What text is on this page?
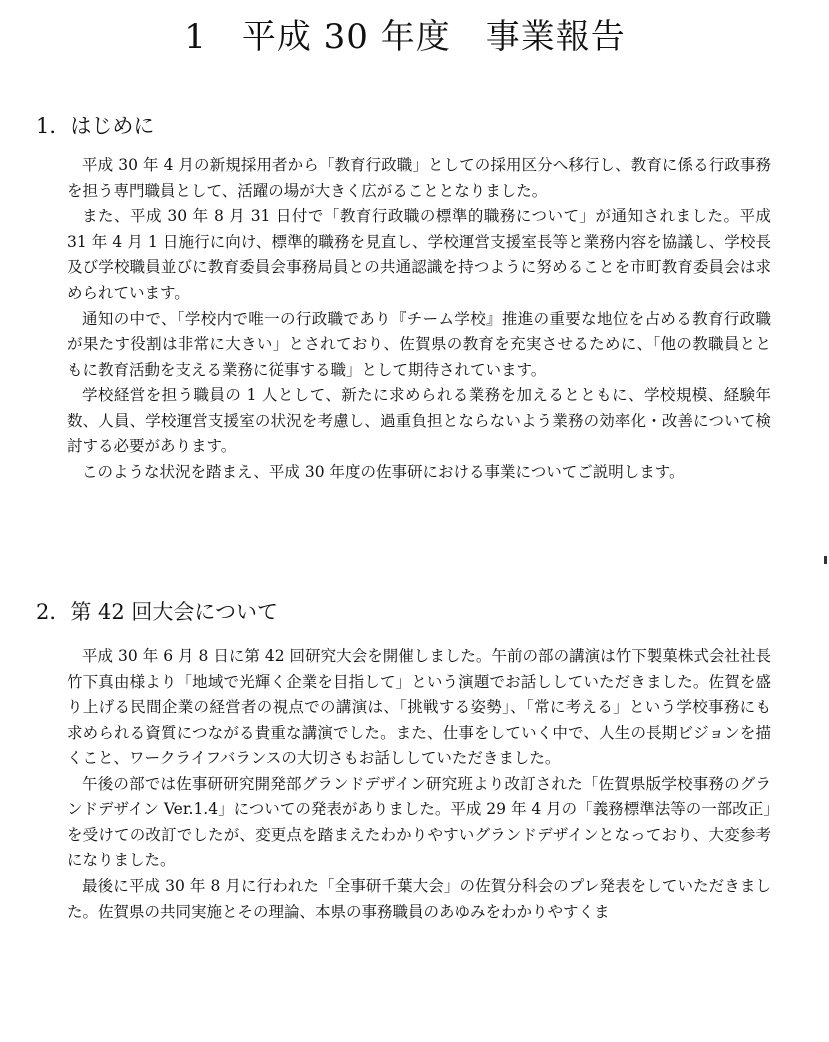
1　平成 30 年度　事業報告
1．はじめに

平成 30 年 4 月の新規採用者から「教育行政職」としての採用区分へ移行し、教育に係る行政事務を担う専門職員として、活躍の場が大きく広がることとなりました。

また、平成 30 年 8 月 31 日付で「教育行政職の標準的職務について」が通知されました。平成 31 年 4 月 1 日施行に向け、標準的職務を見直し、学校運営支援室長等と業務内容を協議し、学校長及び学校職員並びに教育委員会事務局員との共通認識を持つように努めることを市町教育委員会は求められています。

通知の中で、「学校内で唯一の行政職であり『チーム学校』推進の重要な地位を占める教育行政職が果たす役割は非常に大きい」とされており、佐賀県の教育を充実させるために、「他の教職員とともに教育活動を支える業務に従事する職」として期待されています。

学校経営を担う職員の 1 人として、新たに求められる業務を加えるとともに、学校規模、経験年数、人員、学校運営支援室の状況を考慮し、過重負担とならないよう業務の効率化・改善について検討する必要があります。

このような状況を踏まえ、平成 30 年度の佐事研における事業についてご説明します。

2．第 42 回大会について

平成 30 年 6 月 8 日に第 42 回研究大会を開催しました。午前の部の講演は竹下製菓株式会社社長　竹下真由様より「地域で光輝く企業を目指して」という演題でお話ししていただきました。佐賀を盛り上げる民間企業の経営者の視点での講演は、「挑戦する姿勢」、「常に考える」という学校事務にも求められる資質につながる貴重な講演でした。また、仕事をしていく中で、人生の長期ビジョンを描くこと、ワークライフバランスの大切さもお話ししていただきました。

午後の部では佐事研研究開発部グランドデザイン研究班より改訂された「佐賀県版学校事務のグランドデザイン Ver.1.4」についての発表がありました。平成 29 年 4 月の「義務標準法等の一部改正」を受けての改訂でしたが、変更点を踏まえたわかりやすいグランドデザインとなっており、大変参考になりました。

最後に平成 30 年 8 月に行われた「全事研千葉大会」の佐賀分科会のプレ発表をしていただきました。佐賀県の共同実施とその理論、本県の事務職員のあゆみをわかりやすくま
